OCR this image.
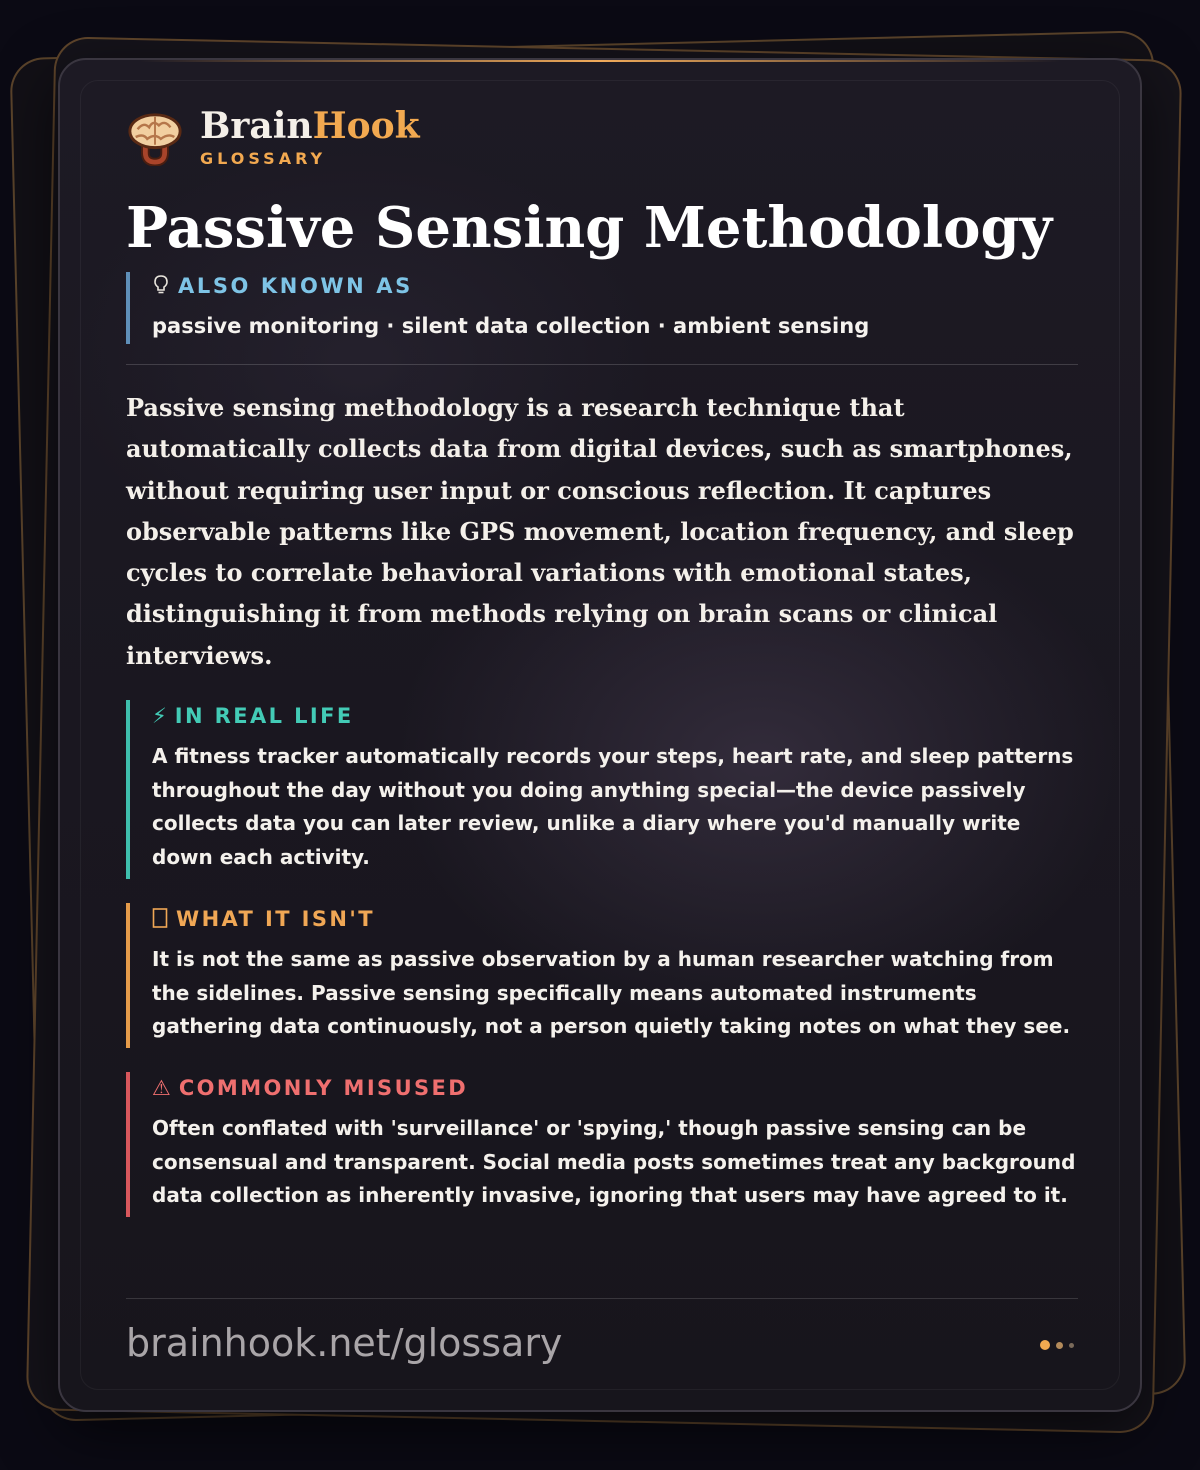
BrainHook
GLOSSARY
Passive Sensing Methodology
ALSO KNOWN AS
passive monitoring · silent data collection · ambient sensing
Passive sensing methodology is a research technique that automatically collects data from digital devices, such as smartphones, without requiring user input or conscious reflection. It captures observable patterns like GPS movement, location frequency, and sleep cycles to correlate behavioral variations with emotional states, distinguishing it from methods relying on brain scans or clinical interviews.
⚡ IN REAL LIFE
A fitness tracker automatically records your steps, heart rate, and sleep patterns throughout the day without you doing anything special—the device passively collects data you can later review, unlike a diary where you'd manually write down each activity.
WHAT IT ISN'T
It is not the same as passive observation by a human researcher watching from the sidelines. Passive sensing specifically means automated instruments gathering data continuously, not a person quietly taking notes on what they see.
⚠ COMMONLY MISUSED
Often conflated with 'surveillance' or 'spying,' though passive sensing can be consensual and transparent. Social media posts sometimes treat any background data collection as inherently invasive, ignoring that users may have agreed to it.
brainhook.net/glossary
